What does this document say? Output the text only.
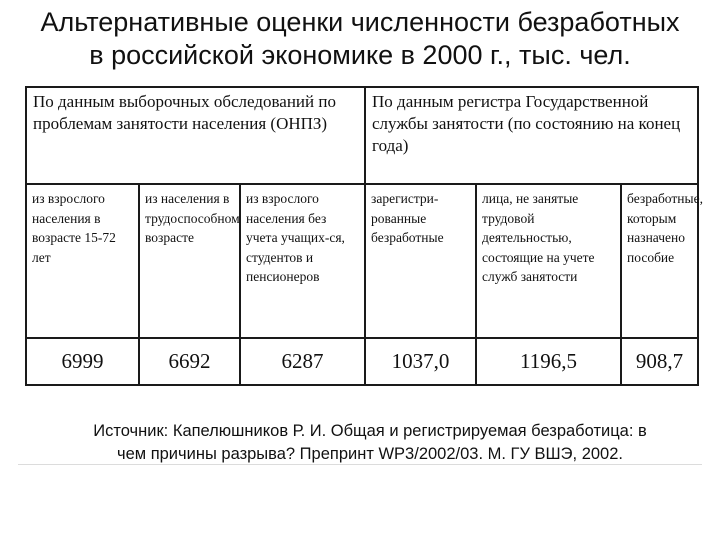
Альтернативные оценки численности безработных
в российской экономике в 2000 г., тыс. чел.
По данным выборочных обследований по проблемам занятости населения (ОНПЗ)			По данным регистра Государственной службы занятости (по состоянию на конец года)		
из взрослого населения в возрасте 15-72 лет	из населения в трудоспособном возрасте	из взрослого населения без учета учащих-ся, студентов и пенсионеров	зарегистри-рованные безработные	лица, не занятые трудовой деятельностью, состоящие на учете служб занятости	безработные, которым назначено пособие
6999	6692	6287	1037,0	1196,5	908,7
Источник: Капелюшников Р. И. Общая и регистрируемая безработица: в
чем причины разрыва? Препринт WP3/2002/03. М. ГУ ВШЭ, 2002.
